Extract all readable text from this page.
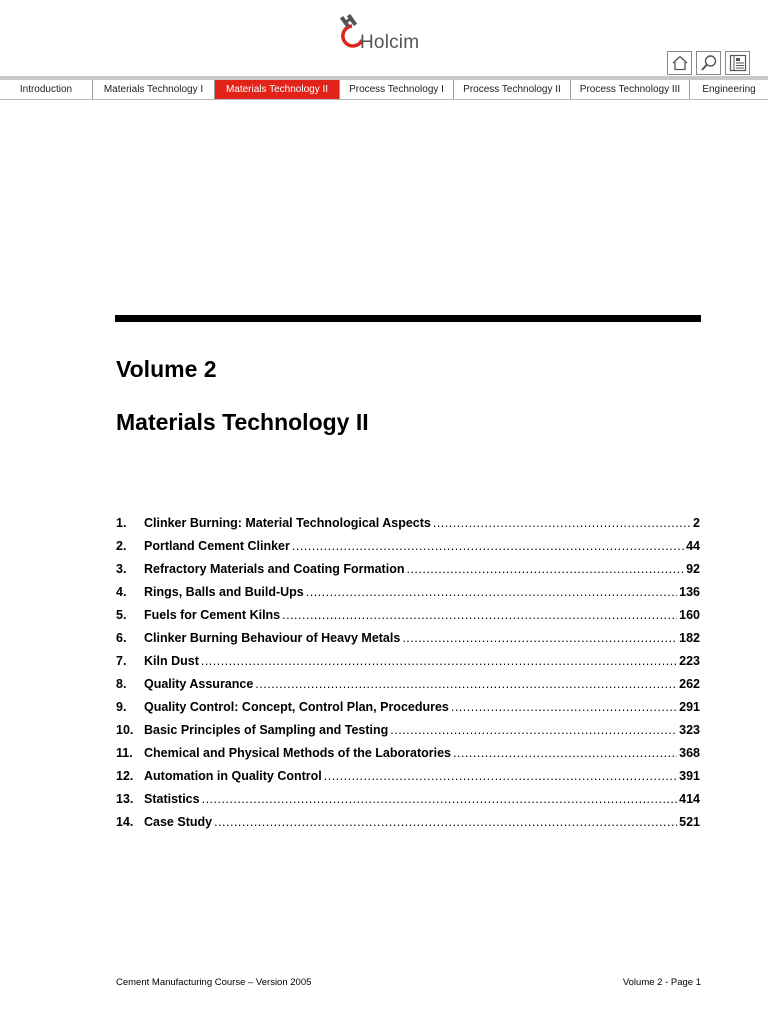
Holcim
Introduction	Materials Technology I	Materials Technology II	Process Technology I	Process Technology II	Process Technology III	Engineering
Volume 2
Materials Technology II
1.	Clinker Burning: Material Technological Aspects .....	2
2.	Portland Cement Clinker .....	44
3.	Refractory Materials and Coating Formation .....	92
4.	Rings, Balls and Build-Ups .....	136
5.	Fuels for Cement Kilns .....	160
6.	Clinker Burning Behaviour of Heavy Metals .....	182
7.	Kiln Dust .....	223
8.	Quality Assurance .....	262
9.	Quality Control: Concept, Control Plan, Procedures .....	291
10. Basic Principles of Sampling and Testing .....	323
11. Chemical and Physical Methods of the Laboratories .....	368
12. Automation in Quality Control .....	391
13. Statistics .....	414
14. Case Study .....	521
Cement Manufacturing Course – Version 2005	Volume 2 - Page 1
